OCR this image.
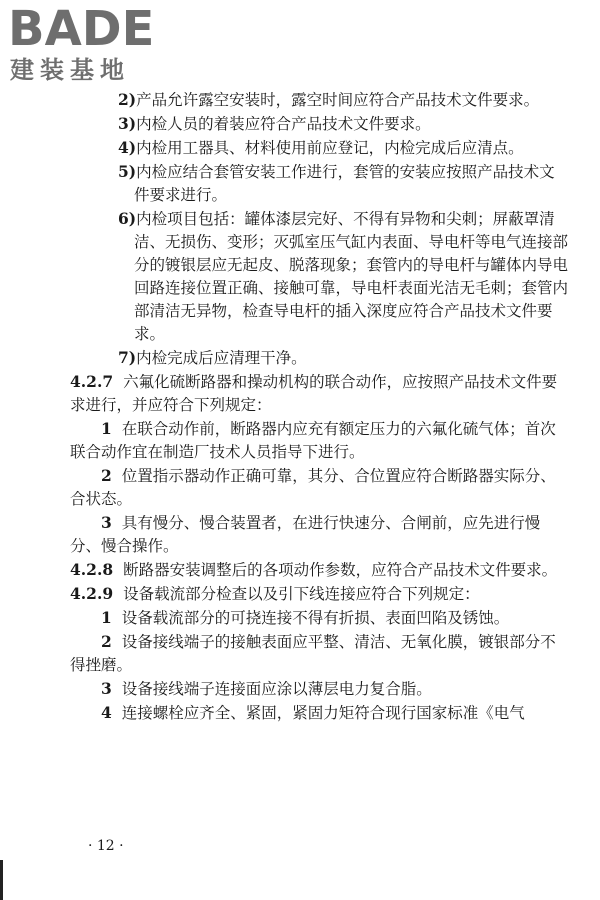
BADE
建装基地

2)产品允许露空安装时，露空时间应符合产品技术文件要求。

3)内检人员的着装应符合产品技术文件要求。

4)内检用工器具、材料使用前应登记，内检完成后应清点。

5)内检应结合套管安装工作进行，套管的安装应按照产品技术文件要求进行。

6)内检项目包括：罐体漆层完好、不得有异物和尖刺；屏蔽罩清洁、无损伤、变形；灭弧室压气缸内表面、导电杆等电气连接部分的镀银层应无起皮、脱落现象；套管内的导电杆与罐体内导电回路连接位置正确、接触可靠，导电杆表面光洁无毛刺；套管内部清洁无异物，检查导电杆的插入深度应符合产品技术文件要求。

7)内检完成后应清理干净。

4.2.7 六氟化硫断路器和操动机构的联合动作，应按照产品技术文件要求进行，并应符合下列规定：

1 在联合动作前，断路器内应充有额定压力的六氟化硫气体；首次联合动作宜在制造厂技术人员指导下进行。

2 位置指示器动作正确可靠，其分、合位置应符合断路器实际分、合状态。

3 具有慢分、慢合装置者，在进行快速分、合闸前，应先进行慢分、慢合操作。

4.2.8 断路器安装调整后的各项动作参数，应符合产品技术文件要求。

4.2.9 设备载流部分检查以及引下线连接应符合下列规定：

1 设备载流部分的可挠连接不得有折损、表面凹陷及锈蚀。

2 设备接线端子的接触表面应平整、清洁、无氧化膜，镀银部分不得挫磨。

3 设备接线端子连接面应涂以薄层电力复合脂。

4 连接螺栓应齐全、紧固，紧固力矩符合现行国家标准《电气

· 12 ·
